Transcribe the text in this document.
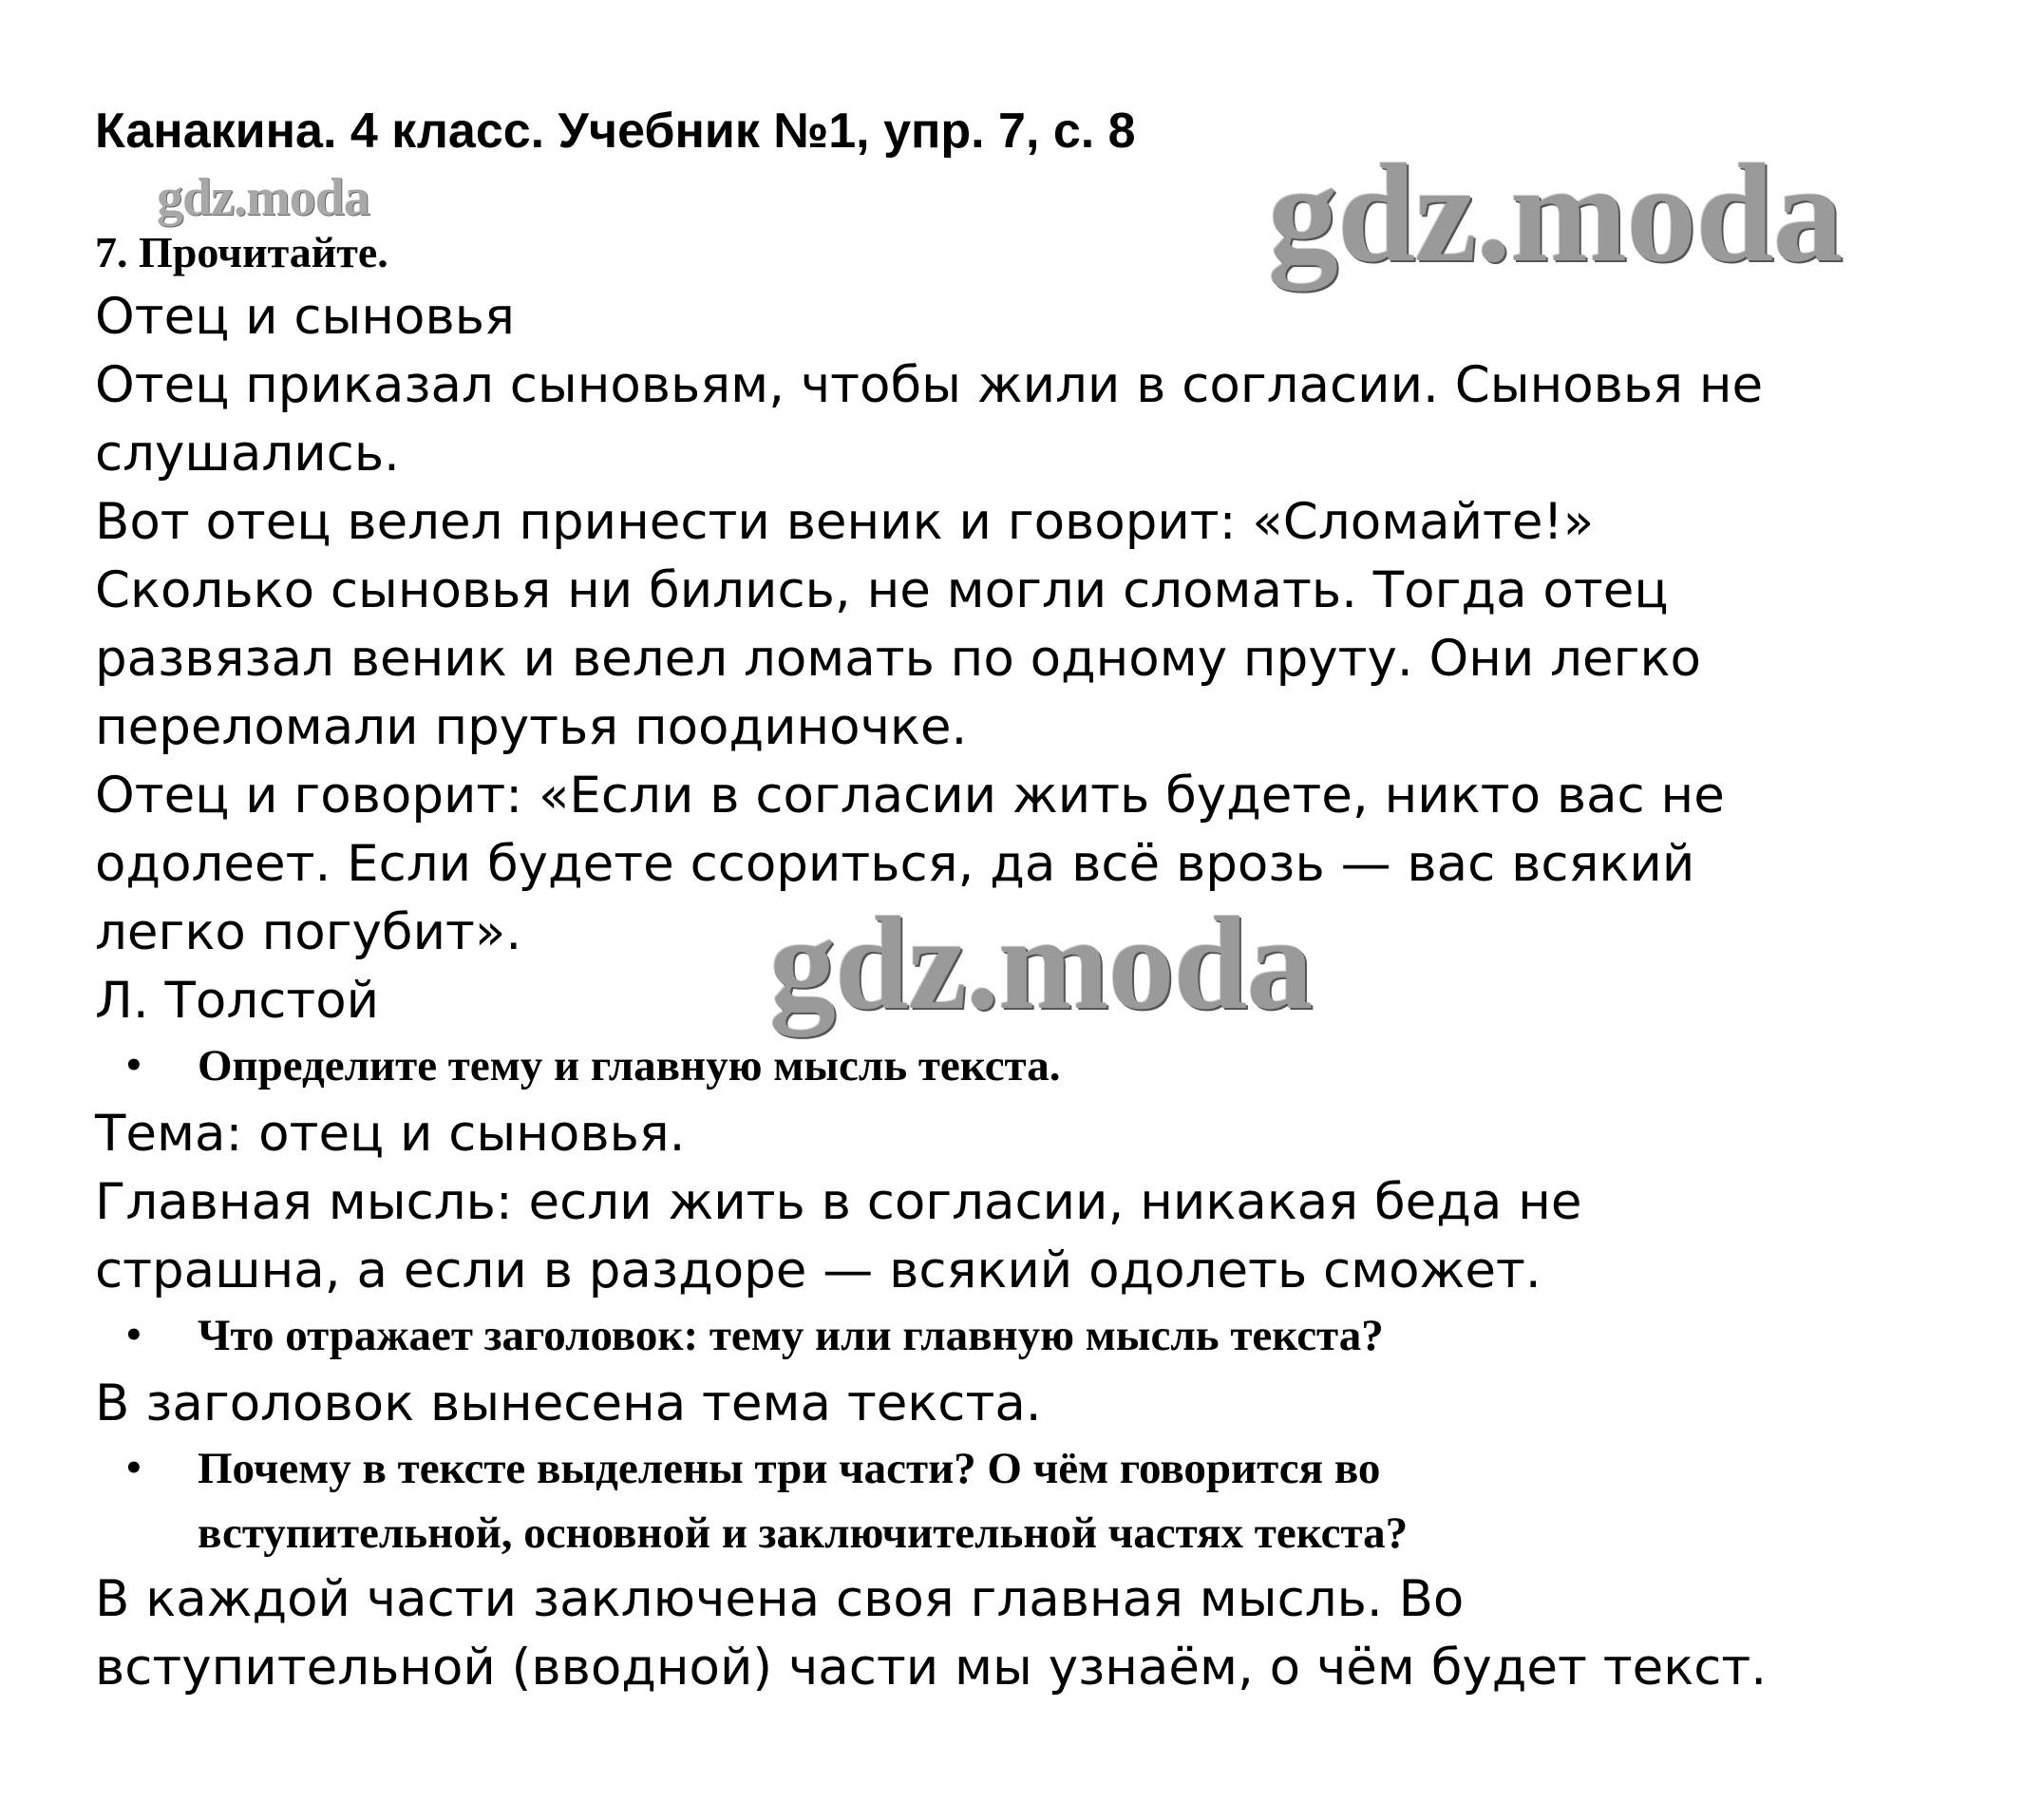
Канакина. 4 класс. Учебник №1, упр. 7, с. 8
gdz.moda	gdz.moda
7. Прочитайте.
Отец и сыновья
Отец приказал сыновьям, чтобы жили в согласии. Сыновья не
слушались.
Вот отец велел принести веник и говорит: «Сломайте!»
Сколько сыновья ни бились, не могли сломать. Тогда отец
развязал веник и велел ломать по одному пруту. Они легко
переломали прутья поодиночке.
Отец и говорит: «Если в согласии жить будете, никто вас не
одолеет. Если будете ссориться, да всё врозь — вас всякий
легко погубит».
Л. Толстой	gdz.moda
• Определите тему и главную мысль текста.
Тема: отец и сыновья.
Главная мысль: если жить в согласии, никакая беда не
страшна, а если в раздоре — всякий одолеть сможет.
• Что отражает заголовок: тему или главную мысль текста?
В заголовок вынесена тема текста.
• Почему в тексте выделены три части? О чём говорится во
вступительной, основной и заключительной частях текста?
В каждой части заключена своя главная мысль. Во
вступительной (вводной) части мы узнаём, о чём будет текст.
